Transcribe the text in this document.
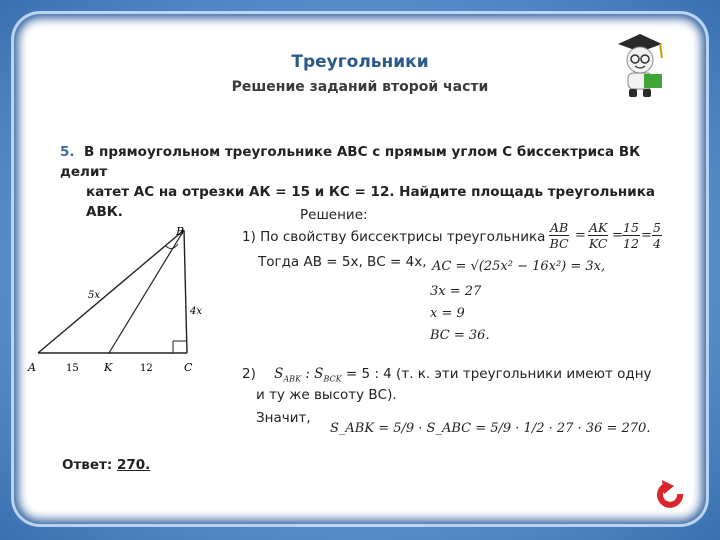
Треугольники
Решение заданий второй части
5. В прямоугольном треугольнике АВС с прямым углом С биссектриса ВК делит
катет АС на отрезки АК = 15 и КС = 12. Найдите площадь треугольника АВК.
B
A	K	C
5x
4x
15	12
Решение:
1) По свойству биссектрисы треугольника
Тогда АВ = 5х, ВС = 4х,
$\frac{AB}{BC} = \frac{AK}{KC} = \frac{15}{12} = \frac{5}{4}$
AC = √(25x² − 16x²) = 3x,
3x = 27
x = 9
BC = 36.
2) $S_{ABK}$ : $S_{BCK} = 5$ : 4 (т. к. эти треугольники имеют одну
и ту же высоту ВС).
Значит,
S_ABK = 5/9 · S_ABC = 5/9 · 1/2 · 27 · 36 = 270.
Ответ: 270.
